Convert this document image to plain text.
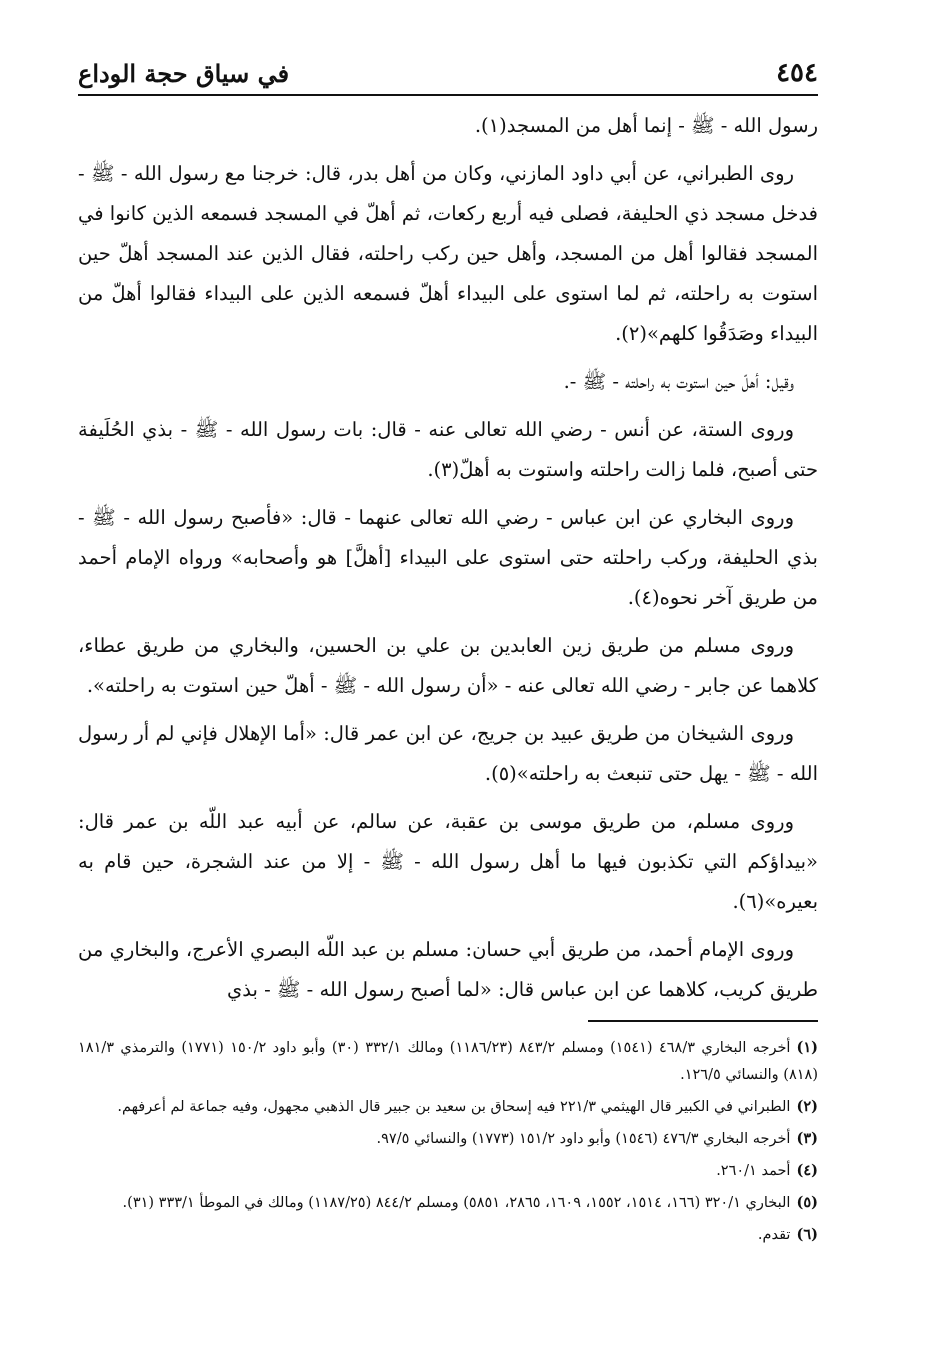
٤٥٤
في سياق حجة الوداع

رسول الله - ﷺ - إنما أهل من المسجد(١).

روى الطبراني، عن أبي داود المازني، وكان من أهل بدر، قال: خرجنا مع رسول الله - ﷺ - فدخل مسجد ذي الحليفة، فصلى فيه أربع ركعات، ثم أهلّ في المسجد فسمعه الذين كانوا في المسجد فقالوا أهل من المسجد، وأهل حين ركب راحلته، فقال الذين عند المسجد أهلّ حين استوت به راحلته، ثم لما استوى على البيداء أهلّ فسمعه الذين على البيداء فقالوا أهلّ من البيداء وصَدَقُوا كلهم»(٢).

وقيل: أهلّ حين استوت به راحلته - ﷺ -.

وروى الستة، عن أنس - رضي الله تعالى عنه - قال: بات رسول الله - ﷺ - بذي الحُلَيفة حتى أصبح، فلما زالت راحلته واستوت به أهلّ(٣).

وروى البخاري عن ابن عباس - رضي الله تعالى عنهما - قال: «فأصبح رسول الله - ﷺ - بذي الحليفة، وركب راحلته حتى استوى على البيداء [أهلَّ] هو وأصحابه» ورواه الإمام أحمد من طريق آخر نحوه(٤).

وروى مسلم من طريق زين العابدين بن علي بن الحسين، والبخاري من طريق عطاء، كلاهما عن جابر - رضي الله تعالى عنه - «أن رسول الله - ﷺ - أهلّ حين استوت به راحلته».

وروى الشيخان من طريق عبيد بن جريج، عن ابن عمر قال: «أما الإهلال فإني لم أر رسول الله - ﷺ - يهل حتى تنبعث به راحلته»(٥).

وروى مسلم، من طريق موسى بن عقبة، عن سالم، عن أبيه عبد اللّه بن عمر قال: «بيداؤكم التي تكذبون فيها ما أهل رسول الله - ﷺ - إلا من عند الشجرة، حين قام به بعيره»(٦).

وروى الإمام أحمد، من طريق أبي حسان: مسلم بن عبد اللّه البصري الأعرج، والبخاري من طريق كريب، كلاهما عن ابن عباس قال: «لما أصبح رسول الله - ﷺ - بذي

(١)أخرجه البخاري ٤٦٨/٣ (١٥٤١) ومسلم ٨٤٣/٢ (١١٨٦/٢٣) ومالك ٣٣٢/١ (٣٠) وأبو داود ١٥٠/٢ (١٧٧١) والترمذي ١٨١/٣ (٨١٨) والنسائي ١٢٦/٥.

(٢)الطبراني في الكبير قال الهيثمي ٢٢١/٣ فيه إسحاق بن سعيد بن جبير قال الذهبي مجهول، وفيه جماعة لم أعرفهم.

(٣)أخرجه البخاري ٤٧٦/٣ (١٥٤٦) وأبو داود ١٥١/٢ (١٧٧٣) والنسائي ٩٧/٥.

(٤)أحمد ٢٦٠/١.

(٥)البخاري ٣٢٠/١ (١٦٦، ١٥١٤، ١٥٥٢، ١٦٠٩، ٢٨٦٥، ٥٨٥١) ومسلم ٨٤٤/٢ (١١٨٧/٢٥) ومالك في الموطأ ٣٣٣/١ (٣١).

(٦)تقدم.
